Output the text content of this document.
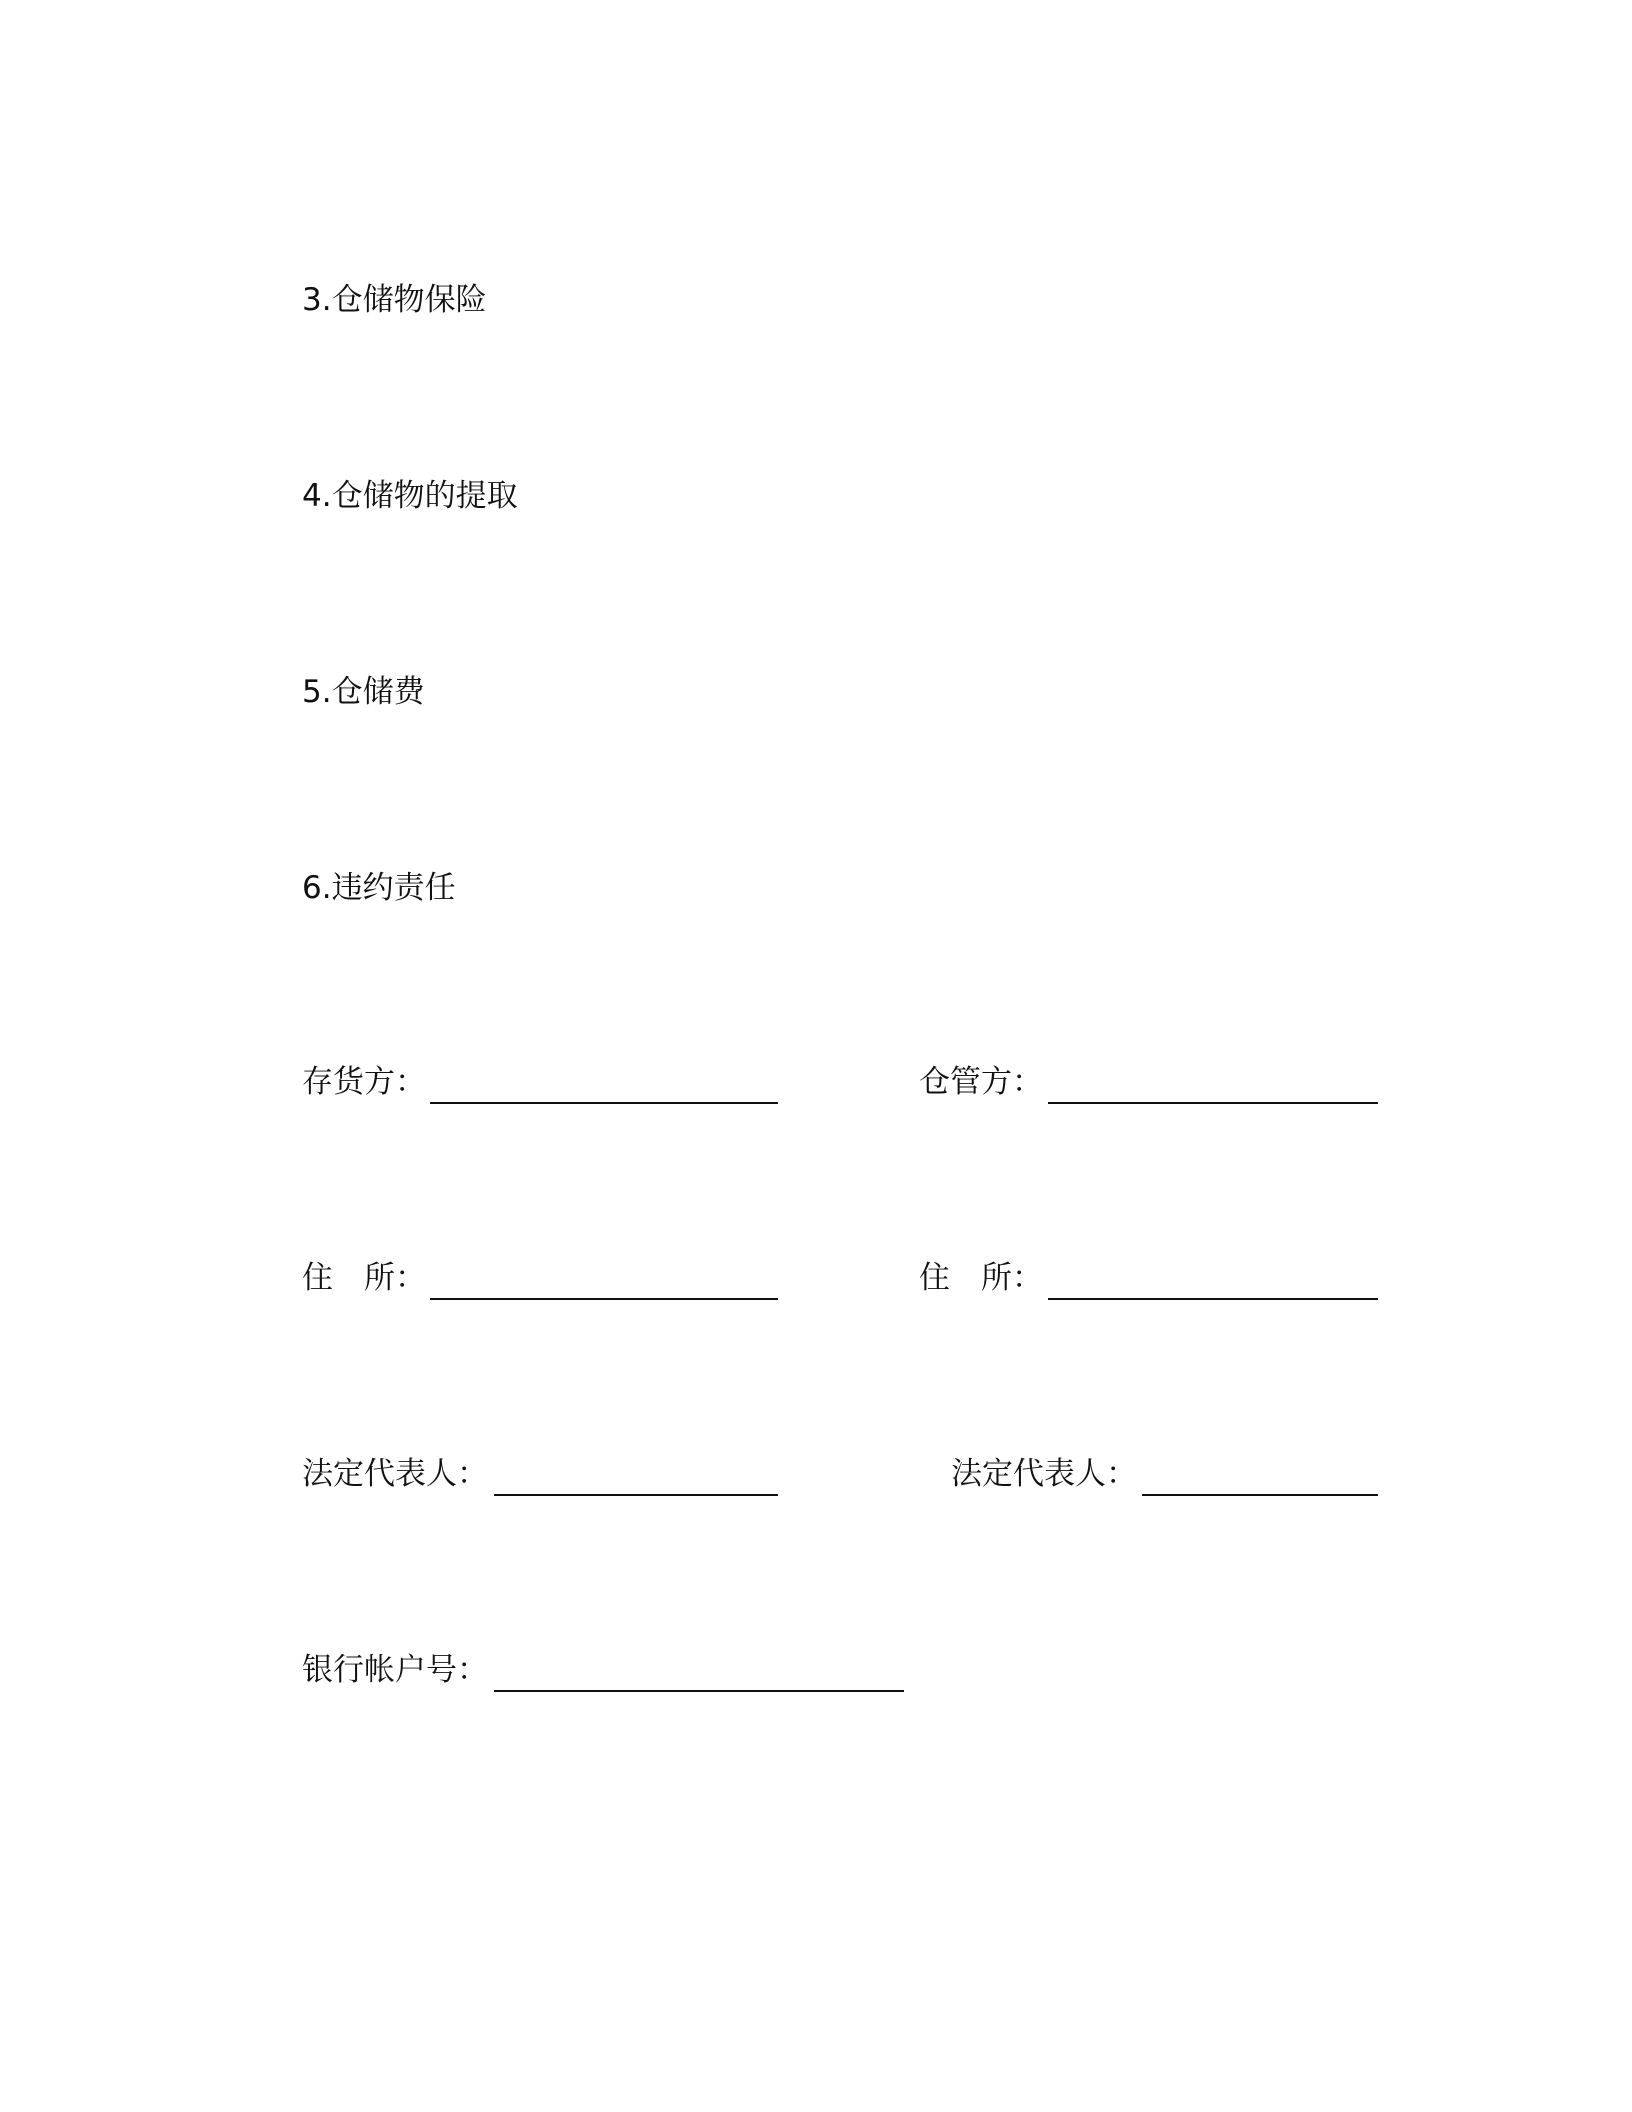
3.仓储物保险
4.仓储物的提取
5.仓储费
6.违约责任
存货方：	仓管方：
住　所：	住　所：
法定代表人：	法定代表人：
银行帐户号：
